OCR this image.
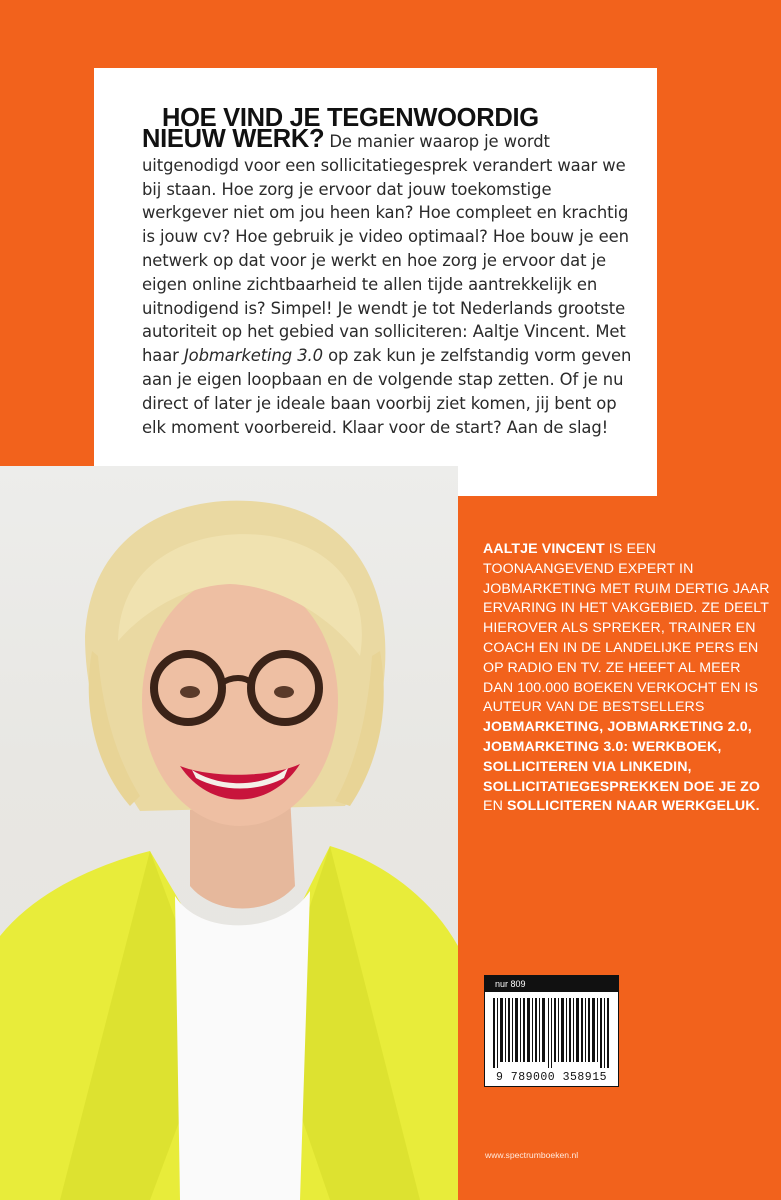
HOE VIND JE TEGENWOORDIG
NIEUW WERK? De manier waarop je wordt uitgenodigd voor een sollicitatiegesprek verandert waar we bij staan. Hoe zorg je ervoor dat jouw toekomstige werkgever niet om jou heen kan? Hoe compleet en krachtig is jouw cv? Hoe gebruik je video optimaal? Hoe bouw je een netwerk op dat voor je werkt en hoe zorg je ervoor dat je eigen online zichtbaarheid te allen tijde aantrekkelijk en uitnodigend is? Simpel! Je wendt je tot Nederlands grootste autoriteit op het gebied van solliciteren: Aaltje Vincent. Met haar Jobmarketing 3.0 op zak kun je zelfstandig vorm geven aan je eigen loopbaan en de volgende stap zetten. Of je nu direct of later je ideale baan voorbij ziet komen, jij bent op elk moment voorbereid. Klaar voor de start? Aan de slag!

AALTJE VINCENT IS EEN TOONAANGEVEND EXPERT IN JOBMARKETING MET RUIM DERTIG JAAR ERVARING IN HET VAKGEBIED. ZE DEELT HIEROVER ALS SPREKER, TRAINER EN COACH EN IN DE LANDELIJKE PERS EN OP RADIO EN TV. ZE HEEFT AL MEER DAN 100.000 BOEKEN VERKOCHT EN IS AUTEUR VAN DE BESTSELLERS JOBMARKETING, JOBMARKETING 2.0, JOBMARKETING 3.0: WERKBOEK, SOLLICITEREN VIA LINKEDIN, SOLLICITATIEGESPREKKEN DOE JE ZO EN SOLLICITEREN NAAR WERKGELUK.

nur 809
9 789000 358915
www.spectrumboeken.nl
